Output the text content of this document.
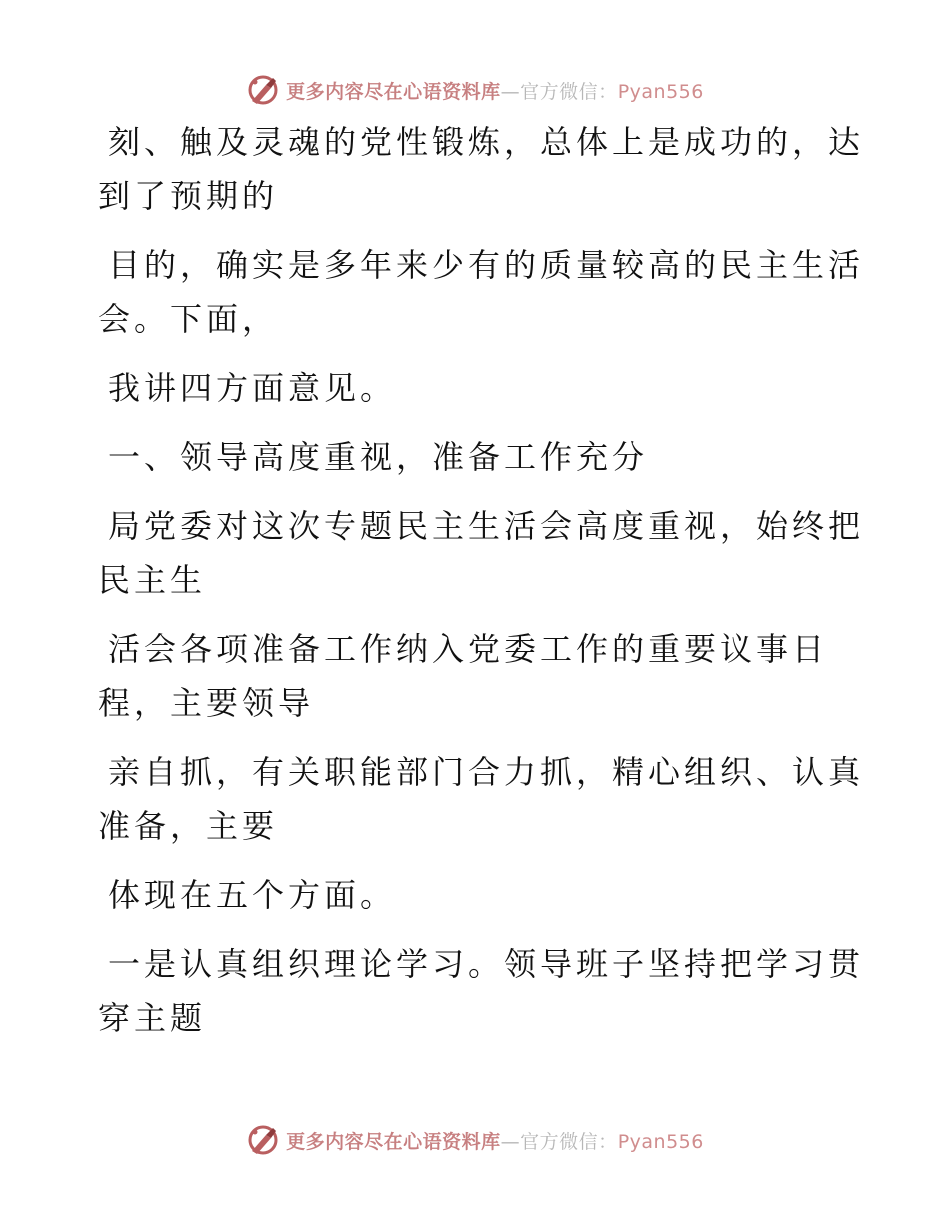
更多内容尽在心语资料库—官方微信：Pyan556

刻、触及灵魂的党性锻炼，总体上是成功的，达

到了预期的

目的，确实是多年来少有的质量较高的民主生活

会。下面，

我讲四方面意见。

一、领导高度重视，准备工作充分

局党委对这次专题民主生活会高度重视，始终把

民主生

活会各项准备工作纳入党委工作的重要议事日

程，主要领导

亲自抓，有关职能部门合力抓，精心组织、认真

准备，主要

体现在五个方面。

一是认真组织理论学习。领导班子坚持把学习贯

穿主题

更多内容尽在心语资料库—官方微信：Pyan556
